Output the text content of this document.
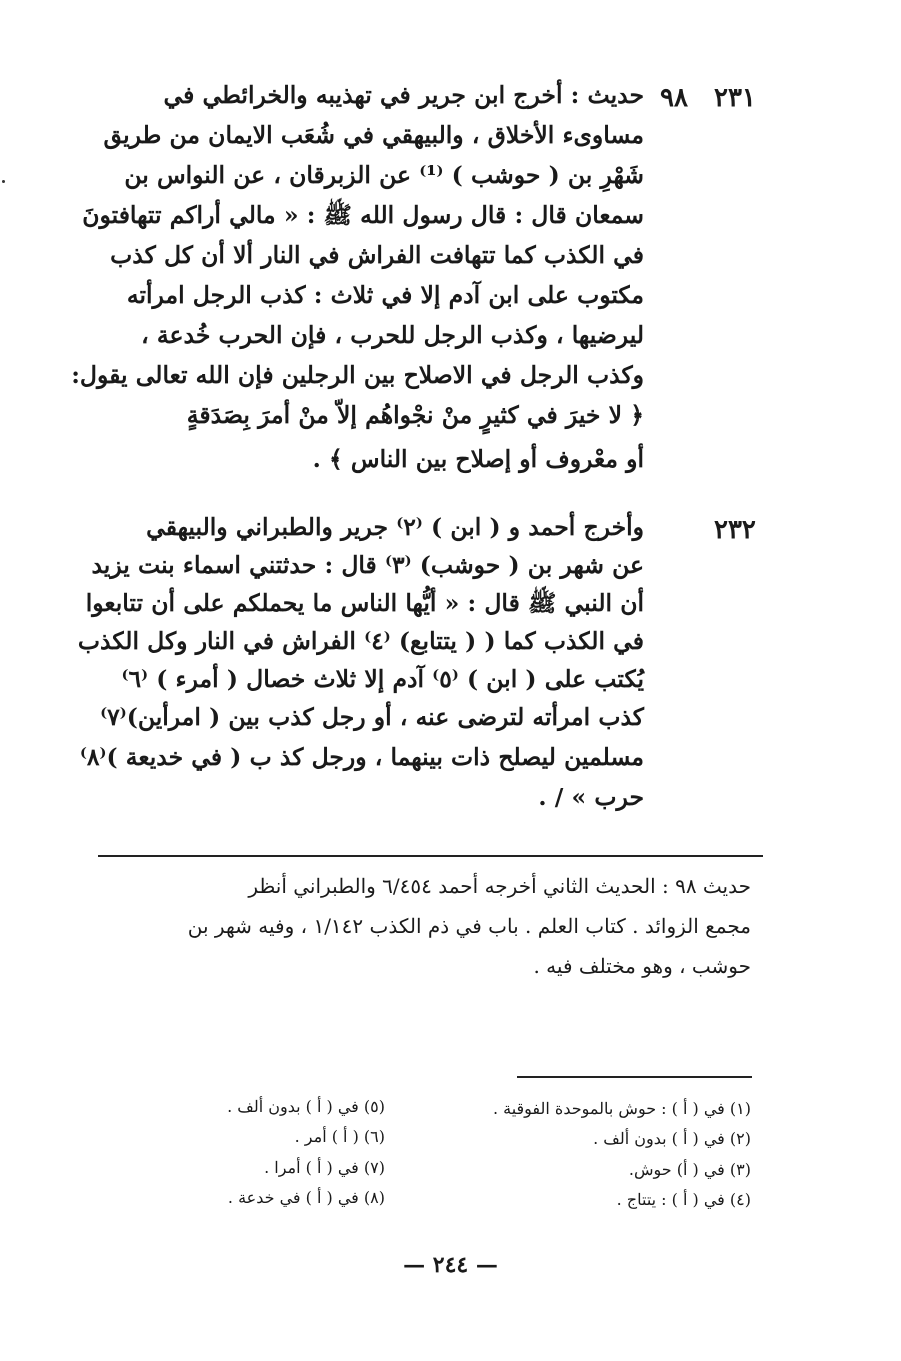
٩٨ ٢٣١
حديث : أخرج ابن جرير في تهذيبه والخرائطي في
مساوىء الأخلاق ، والبيهقي في شُعَب الايمان من طريق
شَهْرِ بن ( حوشب ) ⁽¹⁾ عن الزبرقان ، عن النواس بن
سمعان قال : قال رسول الله ﷺ : « مالي أراكم تتهافتونَ
في الكذب كما تتهافت الفراش في النار ألا أن كل كذب
مكتوب على ابن آدم إلا في ثلاث : كذب الرجل امرأته
ليرضيها ، وكذب الرجل للحرب ، فإن الحرب خُدعة ،
وكذب الرجل في الاصلاح بين الرجلين فإن الله تعالى يقول:
﴿ لا خيرَ في كثيرٍ منْ نجْواهُم إلاّ منْ أمرَ بِصَدَقةٍ
أو معْروف أو إصلاح بين الناس ﴾ .
٢٣٢
وأخرج أحمد و ( ابن ) ⁽٢⁾ جرير والطبراني والبيهقي
عن شهر بن ( حوشب) ⁽٣⁾ قال : حدثتني اسماء بنت يزيد
أن النبي ﷺ قال : « أيُّها الناس ما يحملكم على أن تتابعوا
في الكذب كما ( ( يتتابع) ⁽٤⁾ الفراش في النار وكل الكذب
يُكتب على ( ابن ) ⁽٥⁾ آدم إلا ثلاث خصال ( أمرء ) ⁽٦⁾
كذب امرأته لترضى عنه ، أو رجل كذب بين ( امرأين)⁽٧⁾
مسلمين ليصلح ذات بينهما ، ورجل كذ ب ( في خديعة )⁽٨⁾
حرب » / .
حديث ٩٨ : الحديث الثاني أخرجه أحمد ٦/٤٥٤ والطبراني أنظر
مجمع الزوائد . كتاب العلم . باب في ذم الكذب ١/١٤٢ ، وفيه شهر بن
حوشب ، وهو مختلف فيه .
(١) في ( أ ) : حوش بالموحدة الفوقية .
(٢) في ( أ ) بدون ألف .
(٣) في ( أ) حوش.
(٤) في ( أ ) : يتتاج .
(٥) في ( أ ) بدون ألف .
(٦) ( أ ) أمر .
(٧) في ( أ ) أمرا .
(٨) في ( أ ) في خدعة .
— ٢٤٤ —
